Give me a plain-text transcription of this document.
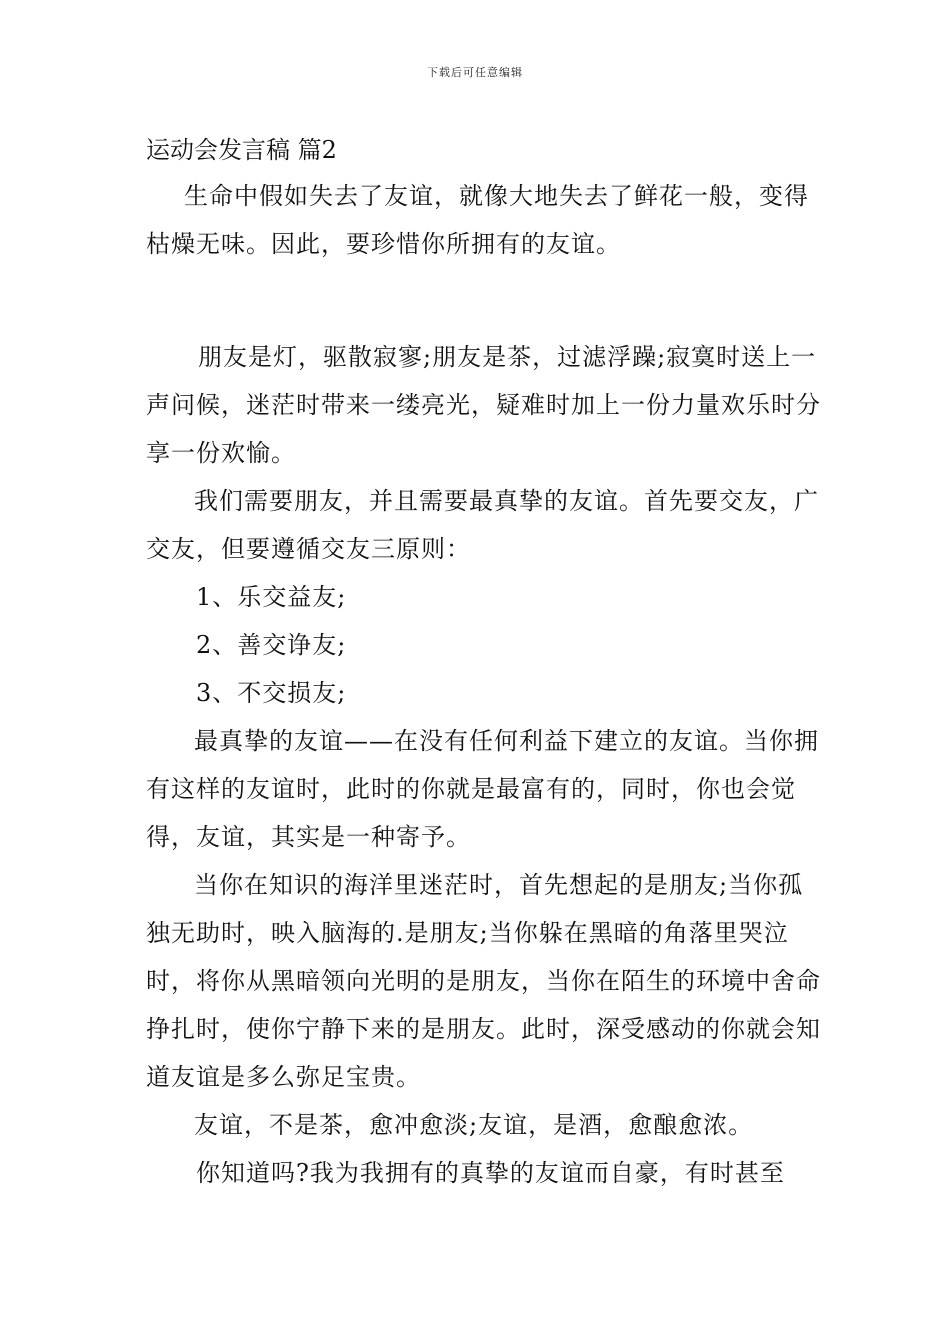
下载后可任意编辑

运动会发言稿 篇2

生命中假如失去了友谊，就像大地失去了鲜花一般，变得枯燥无味。因此，要珍惜你所拥有的友谊。

朋友是灯，驱散寂寥;朋友是茶，过滤浮躁;寂寞时送上一声问候，迷茫时带来一缕亮光，疑难时加上一份力量欢乐时分享一份欢愉。

我们需要朋友，并且需要最真挚的友谊。首先要交友，广交友，但要遵循交友三原则：

1、乐交益友;

2、善交诤友;

3、不交损友;

最真挚的友谊——在没有任何利益下建立的友谊。当你拥有这样的友谊时，此时的你就是最富有的，同时，你也会觉得，友谊，其实是一种寄予。

当你在知识的海洋里迷茫时，首先想起的是朋友;当你孤独无助时，映入脑海的.是朋友;当你躲在黑暗的角落里哭泣时，将你从黑暗领向光明的是朋友，当你在陌生的环境中舍命挣扎时，使你宁静下来的是朋友。此时，深受感动的你就会知道友谊是多么弥足宝贵。

友谊，不是茶，愈冲愈淡;友谊，是酒，愈酿愈浓。

你知道吗?我为我拥有的真挚的友谊而自豪，有时甚至
